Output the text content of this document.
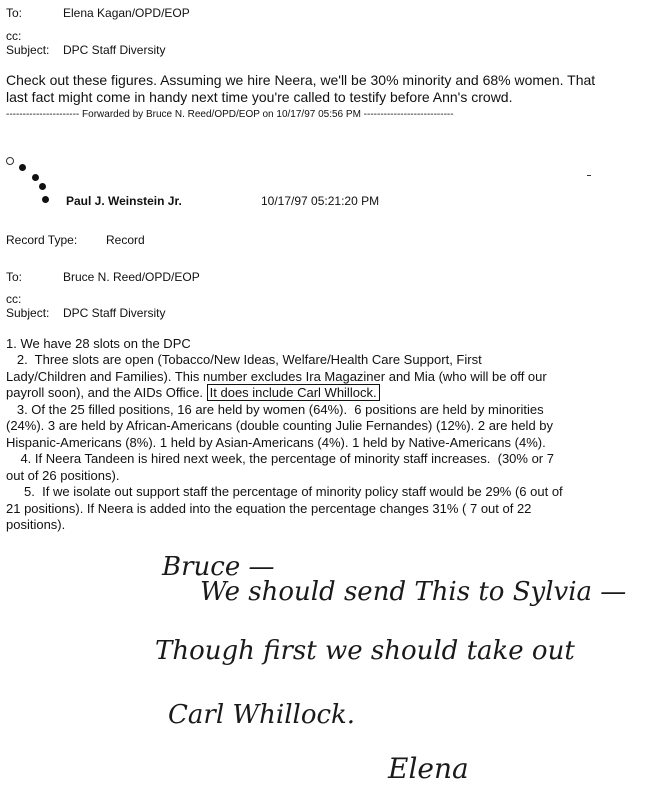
To:	Elena Kagan/OPD/EOP
cc:
Subject: DPC Staff Diversity
Check out these figures. Assuming we hire Neera, we'll be 30% minority and 68% women. That
last fact might come in handy next time you're called to testify before Ann's crowd.
---------------------- Forwarded by Bruce N. Reed/OPD/EOP on 10/17/97 05:56 PM ---------------------------
Paul J. Weinstein Jr.	10/17/97 05:21:20 PM
Record Type: Record
To:	Bruce N. Reed/OPD/EOP
cc:
Subject: DPC Staff Diversity
1. We have 28 slots on the DPC
2.  Three slots are open (Tobacco/New Ideas, Welfare/Health Care Support, First
Lady/Children and Families). This number excludes Ira Magaziner and Mia (who will be off our
payroll soon), and the AIDs Office. It does include Carl Whillock.
3. Of the 25 filled positions, 16 are held by women (64%).  6 positions are held by minorities
(24%). 3 are held by African-Americans (double counting Julie Fernandes) (12%). 2 are held by
Hispanic-Americans (8%). 1 held by Asian-Americans (4%). 1 held by Native-Americans (4%).
4. If Neera Tandeen is hired next week, the percentage of minority staff increases.  (30% or 7
out of 26 positions).
5.  If we isolate out support staff the percentage of minority policy staff would be 29% (6 out of
21 positions). If Neera is added into the equation the percentage changes 31% ( 7 out of 22
positions).
Bruce —
We should send This to Sylvia —
Though first we should take out
Carl Whillock.
Elena
